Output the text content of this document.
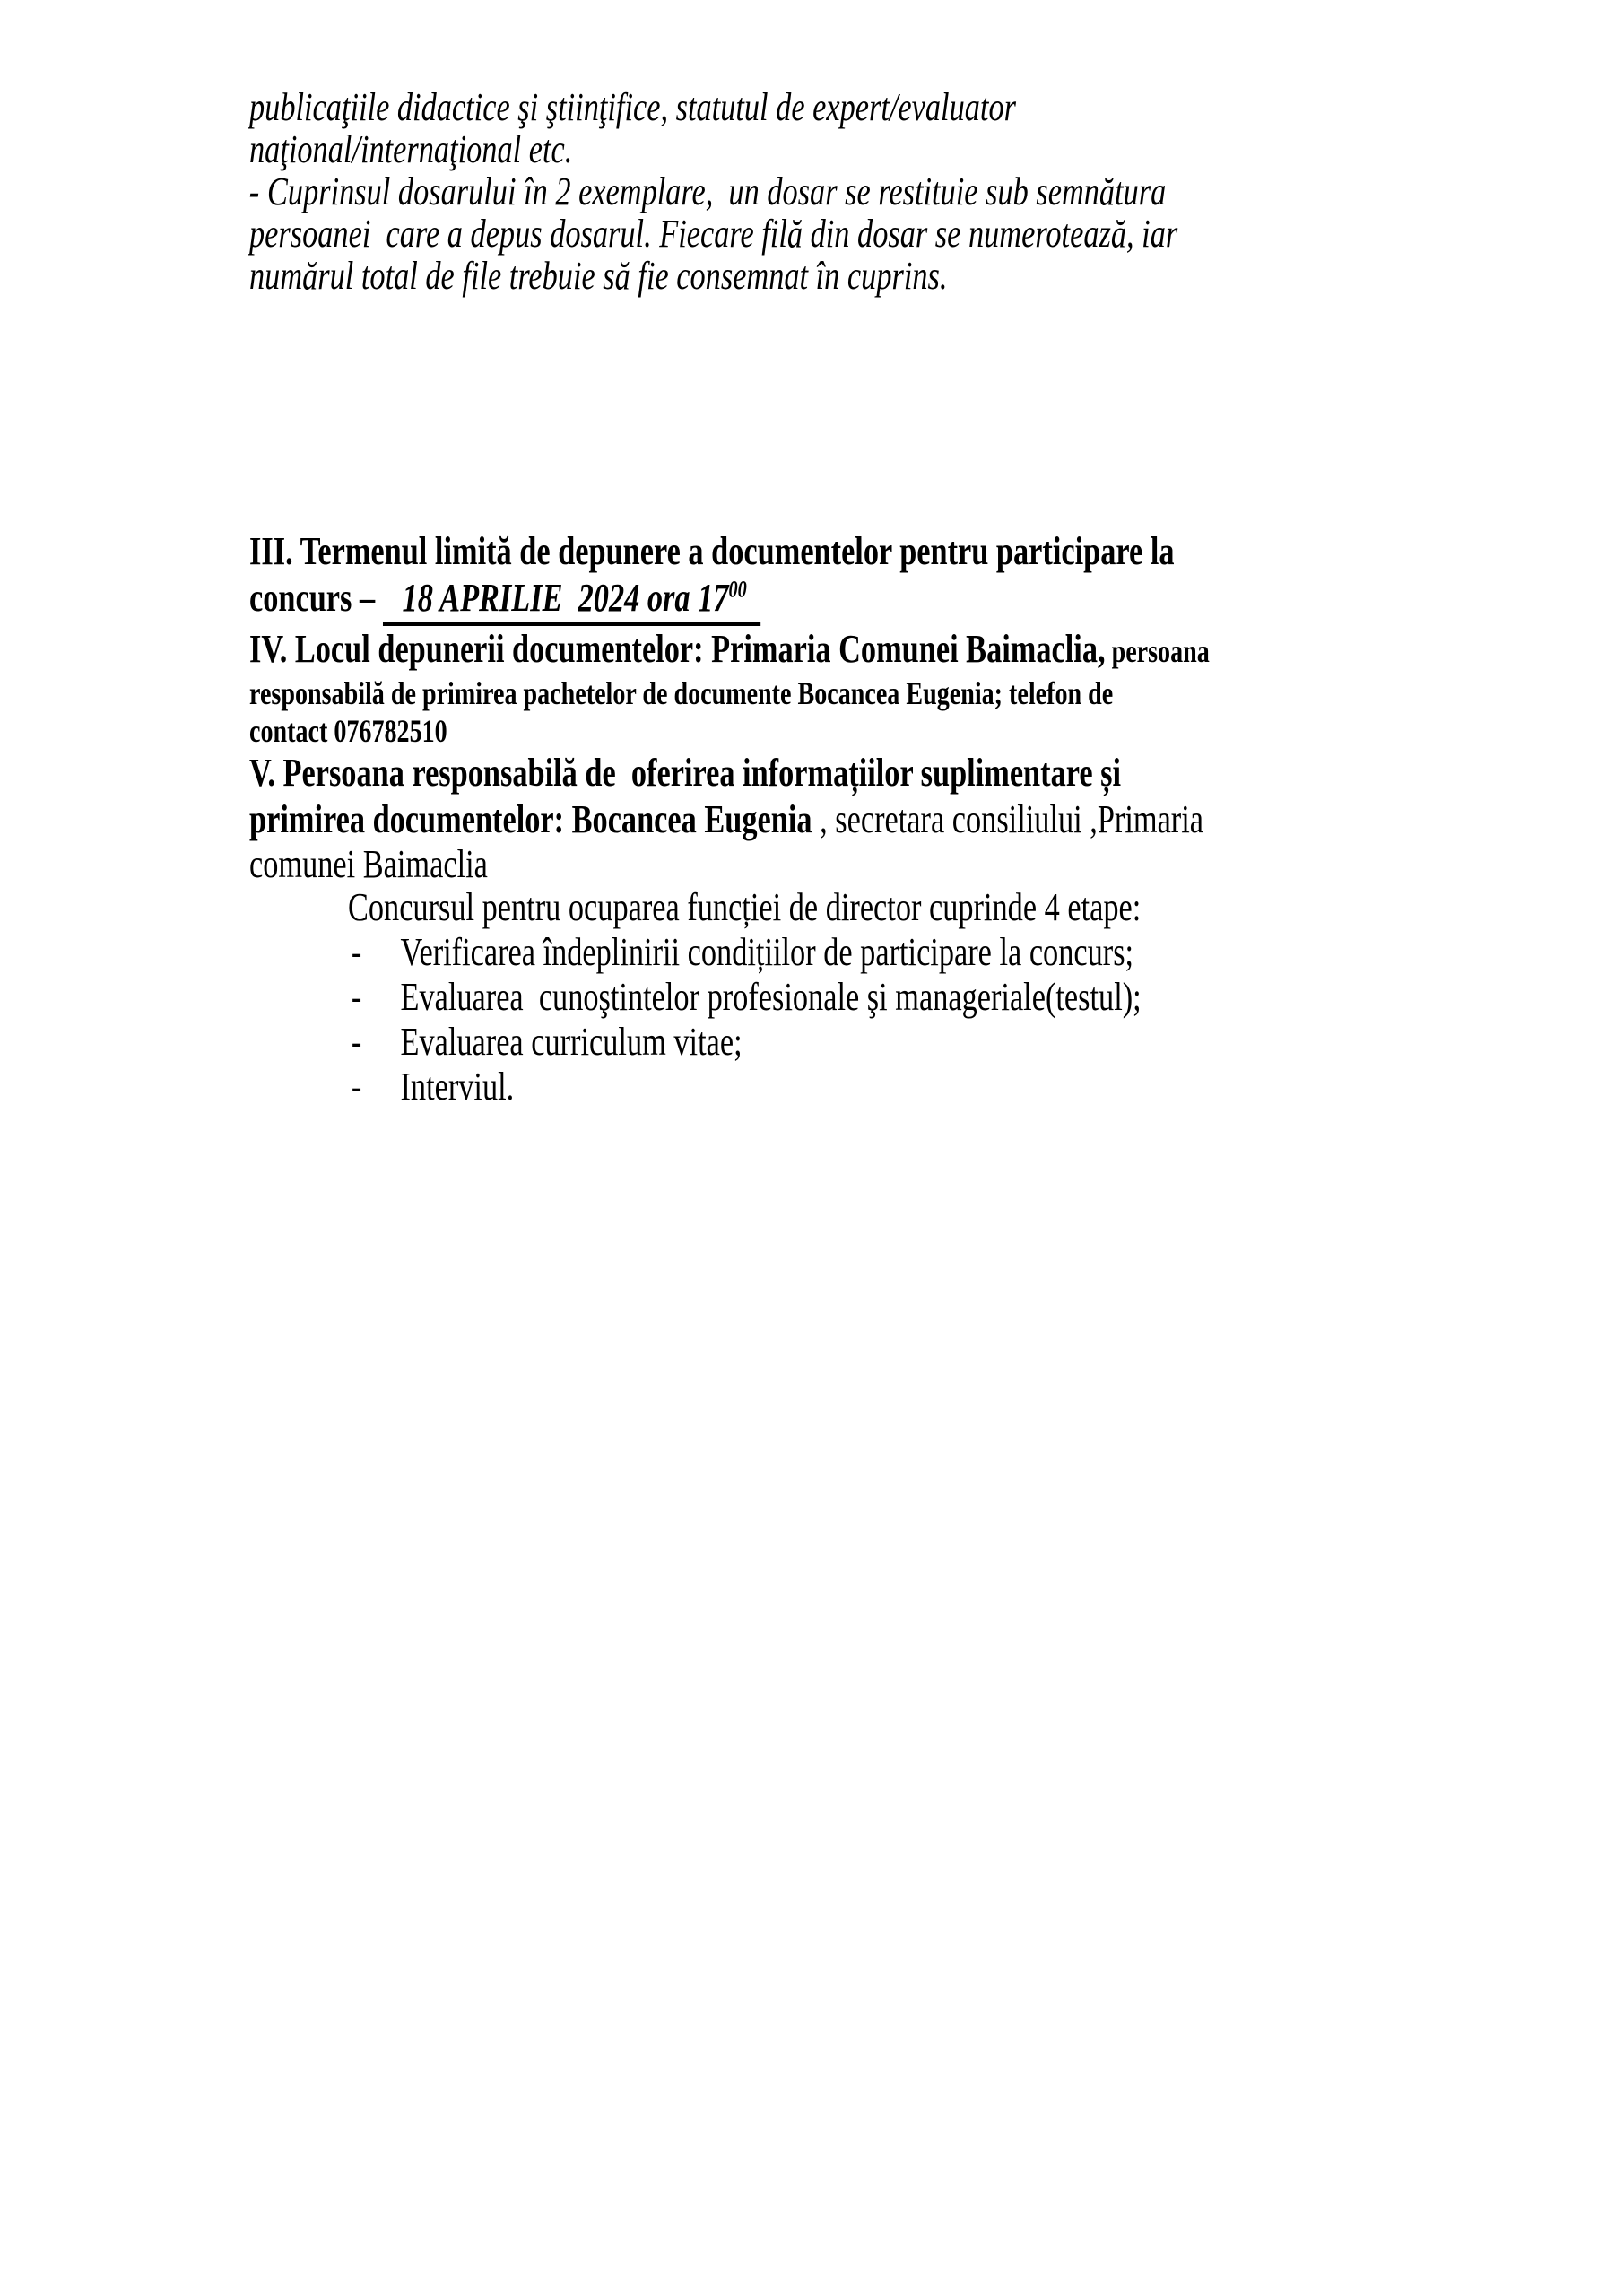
publicaţiile didactice şi ştiinţifice, statutul de expert/evaluator
naţional/internaţional etc.
- Cuprinsul dosarului în 2 exemplare,  un dosar se restituie sub semnătura
persoanei  care a depus dosarul. Fiecare filă din dosar se numerotează, iar
numărul total de file trebuie să fie consemnat în cuprins.
III. Termenul limită de depunere a documentelor pentru participare la
concurs – 18 APRILIE  2024 ora $17^{00}$
IV. Locul depunerii documentelor: Primaria Comunei Baimaclia, persoana
responsabilă de primirea pachetelor de documente Bocancea Eugenia; telefon de
contact 076782510
V. Persoana responsabilă de  oferirea informațiilor suplimentare și
primirea documentelor: Bocancea Eugenia , secretara consiliului ,Primaria
comunei Baimaclia
Concursul pentru ocuparea funcției de director cuprinde 4 etape:
- Verificarea îndeplinirii condițiilor de participare la concurs;
- Evaluarea  cunoştintelor profesionale şi manageriale(testul);
- Evaluarea curriculum vitae;
- Interviul.
